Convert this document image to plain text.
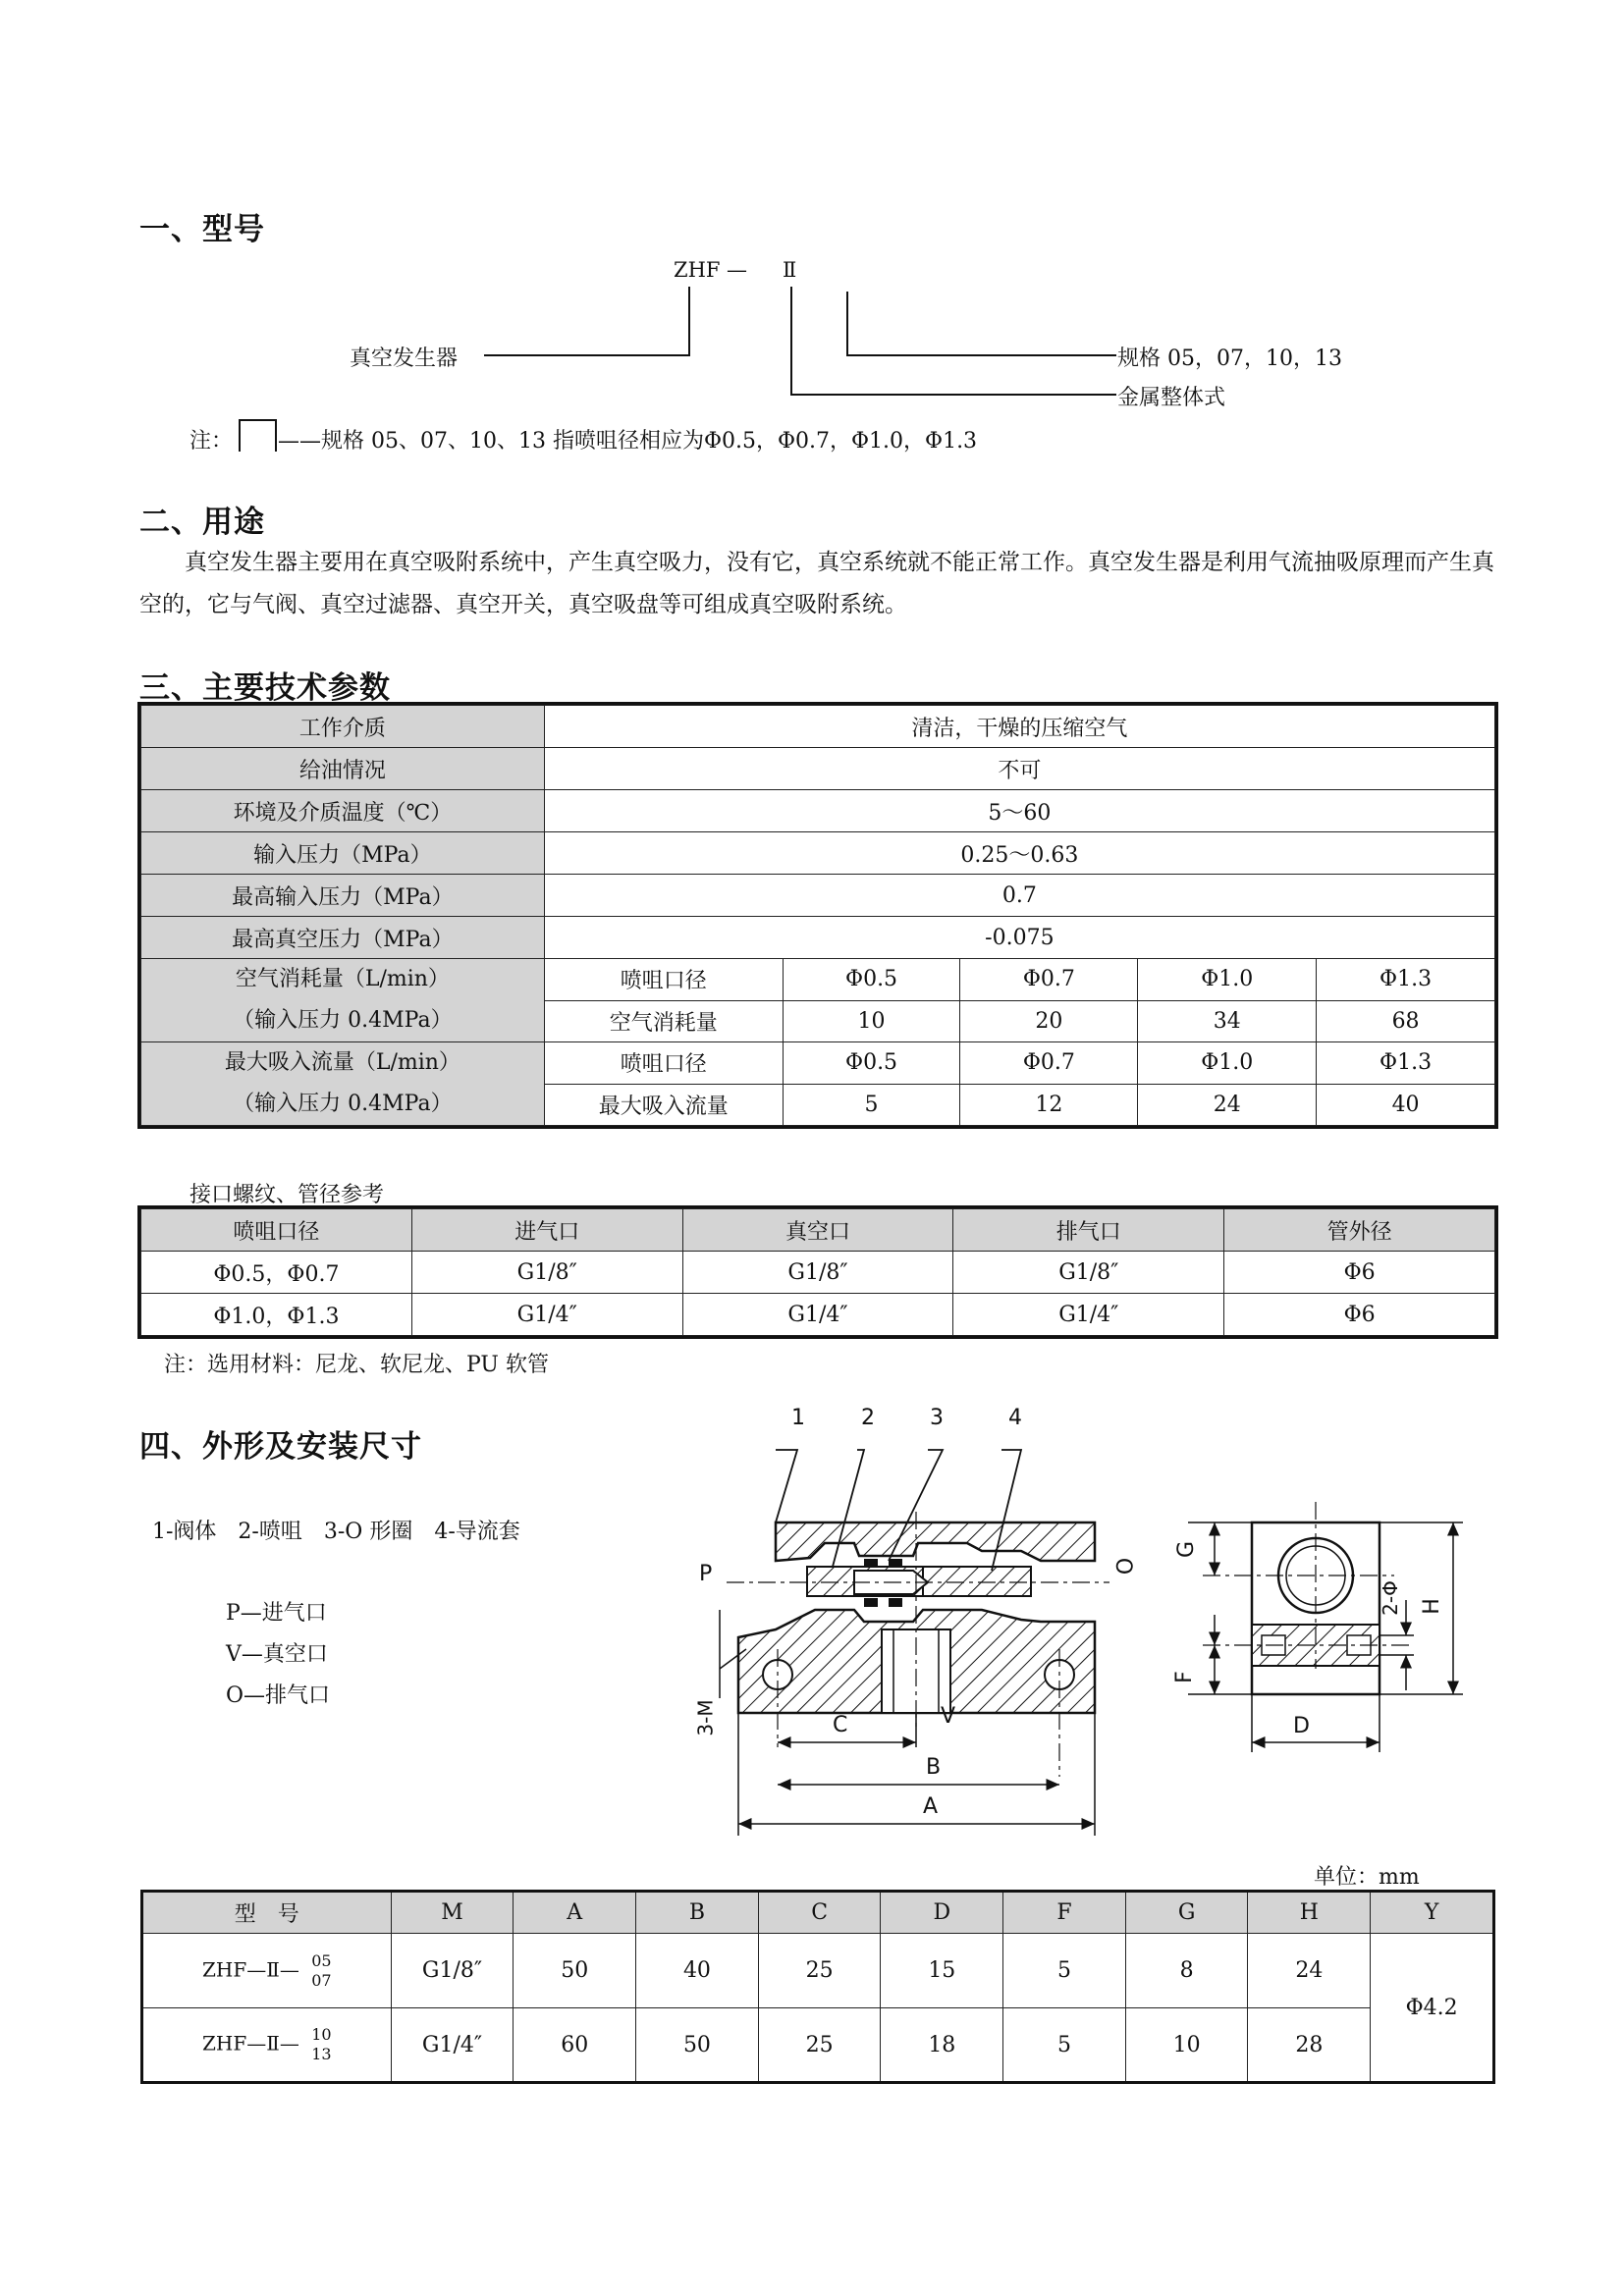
一、型号
ZHF — Ⅱ
真空发生器	规格 05，07，10，13
金属整体式
注： ——规格 05、07、10、13 指喷咀径相应为Φ0.5，Φ0.7，Φ1.0，Φ1.3
二、用途
真空发生器主要用在真空吸附系统中，产生真空吸力，没有它，真空系统就不能正常工作。真空发生器是利用气流抽吸原理而产生真空的，它与气阀、真空过滤器、真空开关，真空吸盘等可组成真空吸附系统。
三、主要技术参数
工作介质	清洁，干燥的压缩空气				
给油情况	不可				
环境及介质温度（℃）	5～60				
输入压力（MPa）	0.25～0.63				
最高输入压力（MPa）	0.7				
最高真空压力（MPa）	-0.075				

空气消耗量（L/min）
（输入压力 0.4MPa）	喷咀口径	Φ0.5	Φ0.7	Φ1.0	Φ1.3
	空气消耗量	10	20	34	68

最大吸入流量（L/min）
（输入压力 0.4MPa）	喷咀口径	Φ0.5	Φ0.7	Φ1.0	Φ1.3
	最大吸入流量	5	12	24	40
接口螺纹、管径参考
喷咀口径	进气口	真空口	排气口	管外径
Φ0.5，Φ0.7	G1/8″	G1/8″	G1/8″	Φ6
Φ1.0，Φ1.3	G1/4″	G1/4″	G1/4″	Φ6
注：选用材料：尼龙、软尼龙、PU 软管
四、外形及安装尺寸
1-阀体　2-喷咀　3-O 形圈　4-导流套
P—进气口
V—真空口
O—排气口
1	2	3	4
P	O
V
3-M	C
B
A
D
G
F
H
2-Φ
单位：mm
型　号	M	A	B	C	D	F	G	H	Y
ZHF—Ⅱ— 05
07	G1/8″	50	40	25	15	5	8	24	Φ4.2
ZHF—Ⅱ— 10
13	G1/4″	60	50	25	18	5	10	28	
